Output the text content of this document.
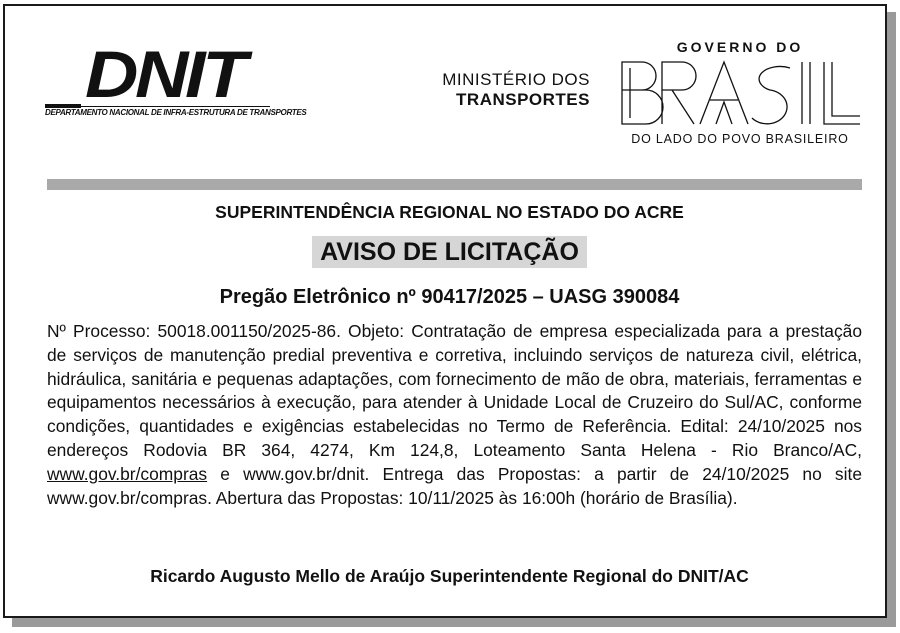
DNIT
DEPARTAMENTO NACIONAL DE INFRA-ESTRUTURA DE TRANSPORTES
MINISTÉRIO DOS
TRANSPORTES
GOVERNO DO
DO LADO DO POVO BRASILEIRO
SUPERINTENDÊNCIA REGIONAL NO ESTADO DO ACRE
AVISO DE LICITAÇÃO
Pregão Eletrônico nº 90417/2025 – UASG 390084
Nº Processo: 50018.001150/2025-86. Objeto: Contratação de empresa especializada para a prestação de serviços de manutenção predial preventiva e corretiva, incluindo serviços de natureza civil, elétrica, hidráulica, sanitária e pequenas adaptações, com fornecimento de mão de obra, materiais, ferramentas e equipamentos necessários à execução, para atender à Unidade Local de Cruzeiro do Sul/AC, conforme condições, quantidades e exigências estabelecidas no Termo de Referência. Edital: 24/10/2025 nos endereços Rodovia BR 364, 4274, Km 124,8, Loteamento Santa Helena - Rio Branco/AC, www.gov.br/compras e www.gov.br/dnit. Entrega das Propostas: a partir de 24/10/2025 no site www.gov.br/compras. Abertura das Propostas: 10/11/2025 às 16:00h (horário de Brasília).
Ricardo Augusto Mello de Araújo Superintendente Regional do DNIT/AC
